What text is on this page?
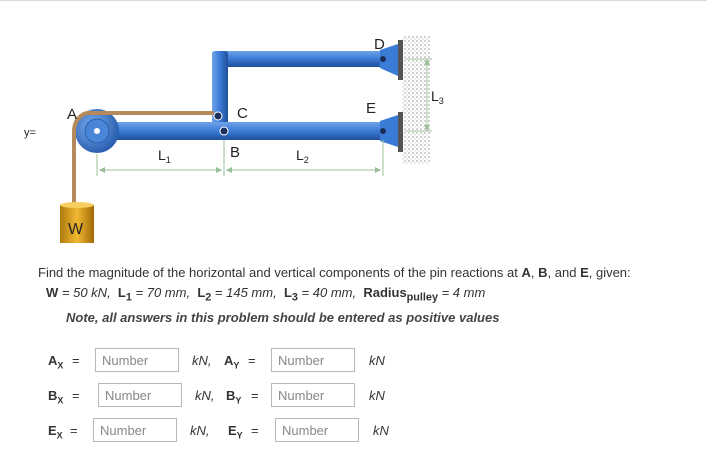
D
E
C
B
A
W
y=
$L_1$	$L_2$
$L_3$
Find the magnitude of the horizontal and vertical components of the pin reactions at A, B, and E, given:
W = 50 kN, $L_1 = 70$ mm, $L_2 = 145$ mm, $L_3 = 40$ mm, Radius$_{pulley}$ = 4 mm
Note, all answers in this problem should be entered as positive values
$A_X$ =
Number	kN, $A_Y$ =
Number	kN
$B_X$ =
Number	kN, $B_Y$ =
Number	kN
$E_X$ =
Number	kN, $E_Y$ =
Number	kN
